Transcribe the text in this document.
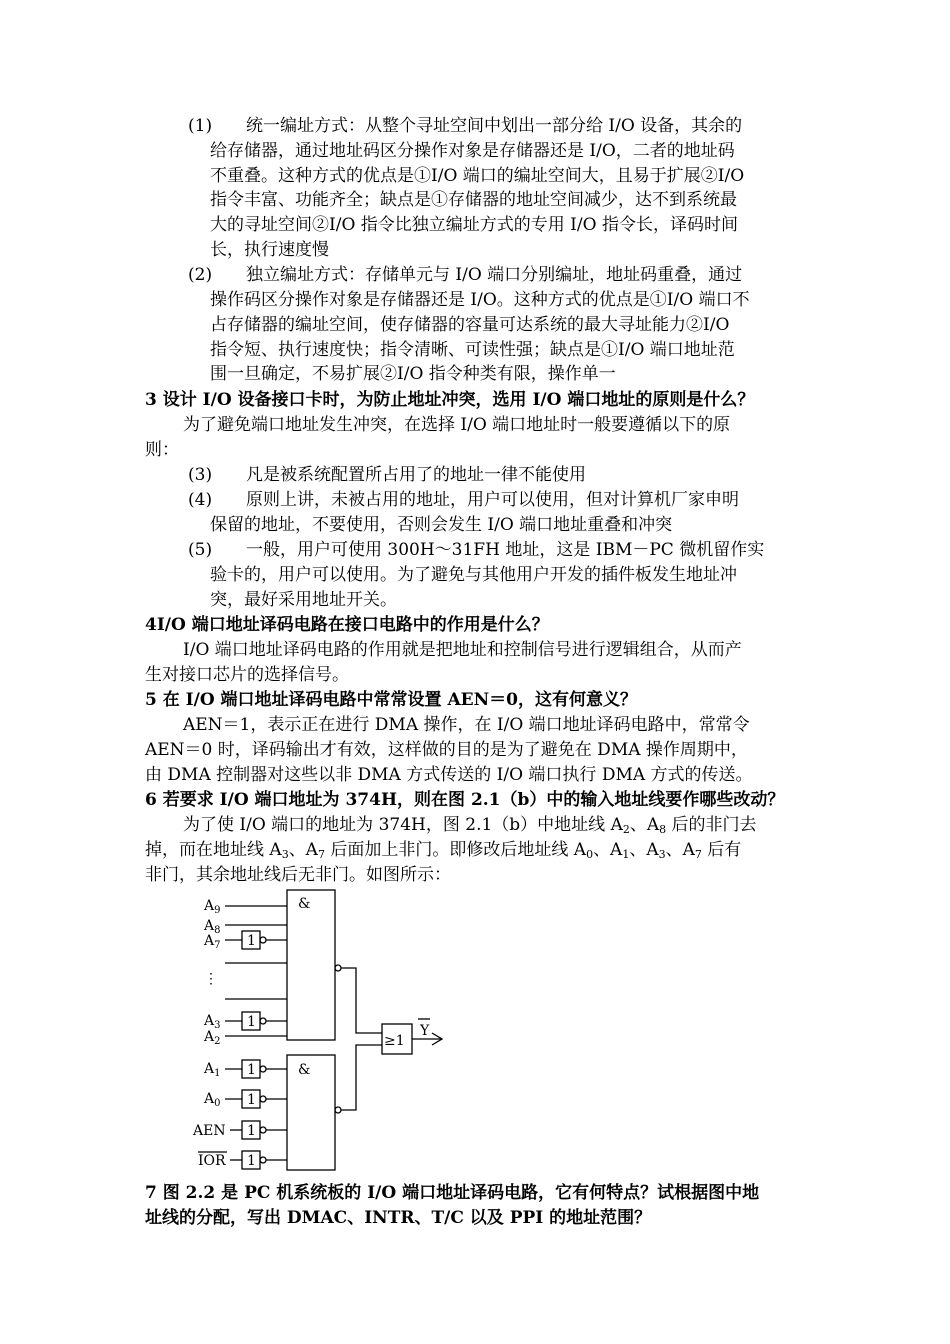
(1) 统一编址方式：从整个寻址空间中划出一部分给 I/O 设备，其余的
给存储器，通过地址码区分操作对象是存储器还是 I/O，二者的地址码
不重叠。这种方式的优点是①I/O 端口的编址空间大，且易于扩展②I/O
指令丰富、功能齐全；缺点是①存储器的地址空间减少，达不到系统最
大的寻址空间②I/O 指令比独立编址方式的专用 I/O 指令长，译码时间
长，执行速度慢
(2) 独立编址方式：存储单元与 I/O 端口分别编址，地址码重叠，通过
操作码区分操作对象是存储器还是 I/O。这种方式的优点是①I/O 端口不
占存储器的编址空间，使存储器的容量可达系统的最大寻址能力②I/O
指令短、执行速度快；指令清晰、可读性强；缺点是①I/O 端口地址范
围一旦确定，不易扩展②I/O 指令种类有限，操作单一
3 设计 I/O 设备接口卡时，为防止地址冲突，选用 I/O 端口地址的原则是什么？
为了避免端口地址发生冲突，在选择 I/O 端口地址时一般要遵循以下的原
则：
(3) 凡是被系统配置所占用了的地址一律不能使用
(4) 原则上讲，未被占用的地址，用户可以使用，但对计算机厂家申明
保留的地址，不要使用，否则会发生 I/O 端口地址重叠和冲突
(5) 一般，用户可使用 300H～31FH 地址，这是 IBM－PC 微机留作实
验卡的，用户可以使用。为了避免与其他用户开发的插件板发生地址冲
突，最好采用地址开关。
4I/O 端口地址译码电路在接口电路中的作用是什么？
I/O 端口地址译码电路的作用就是把地址和控制信号进行逻辑组合，从而产
生对接口芯片的选择信号。
5 在 I/O 端口地址译码电路中常常设置 AEN＝0，这有何意义？
AEN＝1，表示正在进行 DMA 操作，在 I/O 端口地址译码电路中，常常令
AEN＝0 时，译码输出才有效，这样做的目的是为了避免在 DMA 操作周期中，
由 DMA 控制器对这些以非 DMA 方式传送的 I/O 端口执行 DMA 方式的传送。
6 若要求 I/O 端口地址为 374H，则在图 2.1（b）中的输入地址线要作哪些改动？
为了使 I/O 端口的地址为 374H，图 2.1（b）中地址线 $A_2$、$A_8$ 后的非门去
掉，而在地址线 $A_3$、$A_7$ 后面加上非门。即修改后地址线 $A_0$、$A_1$、$A_3$、$A_7$ 后有
非门，其余地址线后无非门。如图所示：
&
&
≥1
1
1
1
1
1
1
$A_9$
$A_8$
$A_7$
⋮
$A_3$
$A_2$
$A_1$
$A_0$
AEN
IOR
Y
7 图 2.2 是 PC 机系统板的 I/O 端口地址译码电路，它有何特点？试根据图中地
址线的分配，写出 DMAC、INTR、T/C 以及 PPI 的地址范围？
